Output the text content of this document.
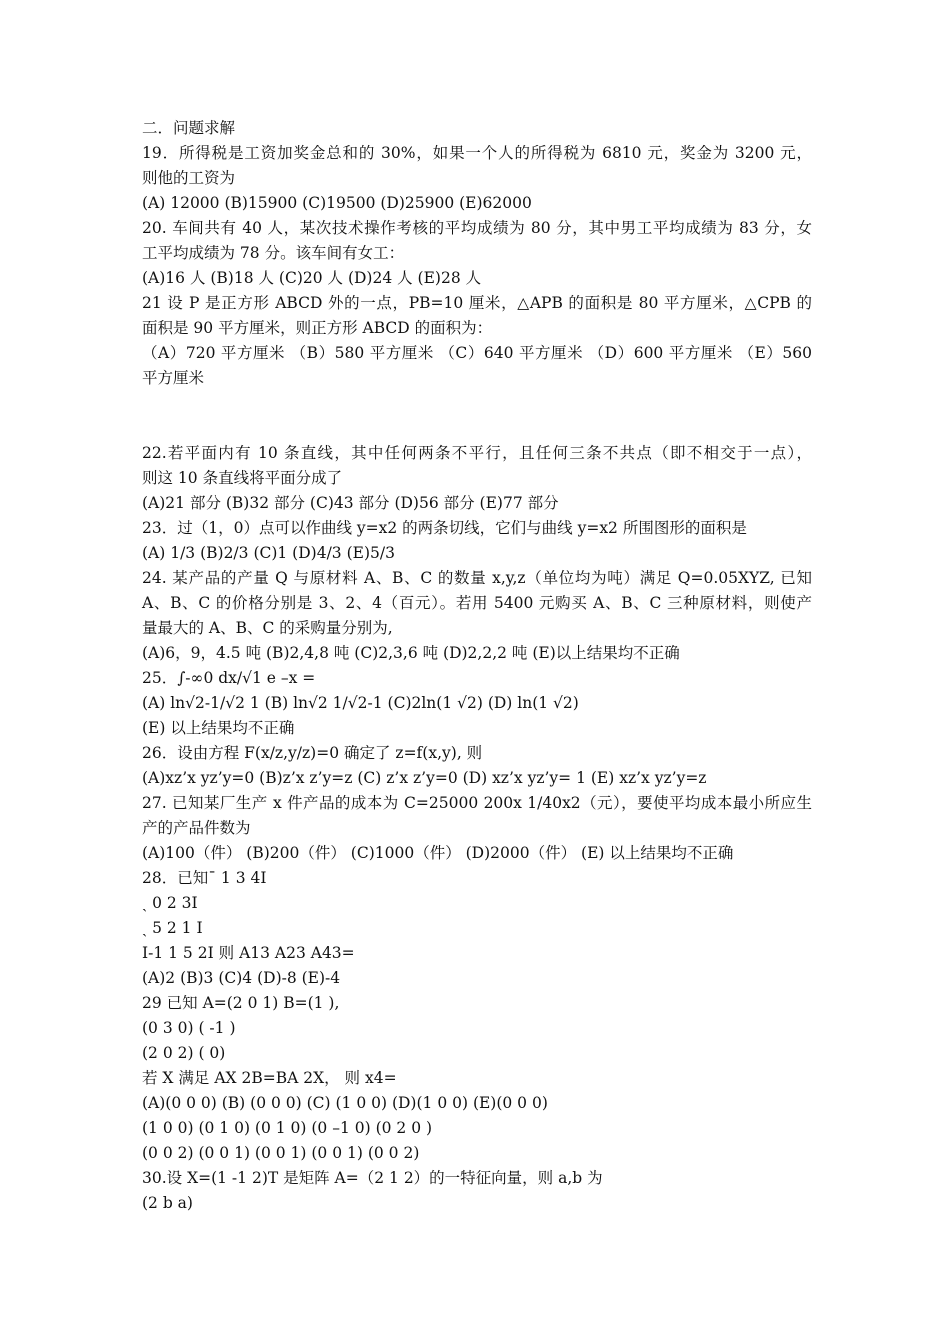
二．问题求解
19．所得税是工资加奖金总和的 30%，如果一个人的所得税为 6810 元，奖金为 3200 元，
则他的工资为
(A) 12000 (B)15900 (C)19500 (D)25900 (E)62000
20. 车间共有 40 人，某次技术操作考核的平均成绩为 80 分，其中男工平均成绩为 83 分，女
工平均成绩为 78 分。该车间有女工：
(A)16 人 (B)18 人 (C)20 人 (D)24 人 (E)28 人
21 设 P 是正方形 ABCD 外的一点，PB=10 厘米，△APB 的面积是 80 平方厘米，△CPB 的
面积是 90 平方厘米，则正方形 ABCD 的面积为：
（A）720 平方厘米 （B）580 平方厘米 （C）640 平方厘米 （D）600 平方厘米 （E）560
平方厘米
22.若平面内有 10 条直线，其中任何两条不平行，且任何三条不共点（即不相交于一点），
则这 10 条直线将平面分成了
(A)21 部分 (B)32 部分 (C)43 部分 (D)56 部分 (E)77 部分
23．过（1，0）点可以作曲线 y=x2 的两条切线，它们与曲线 y=x2 所围图形的面积是
(A) 1/3 (B)2/3 (C)1 (D)4/3 (E)5/3
24. 某产品的产量 Q 与原材料 A、B、C 的数量 x,y,z（单位均为吨）满足 Q=0.05XYZ, 已知
A、B、C 的价格分别是 3、2、4（百元）。若用 5400 元购买 A、B、C 三种原材料，则使产
量最大的 A、B、C 的采购量分别为,
(A)6，9，4.5 吨 (B)2,4,8 吨 (C)2,3,6 吨 (D)2,2,2 吨 (E)以上结果均不正确
25．∫-∞0 dx/√1 e –x =
(A) ln√2-1/√2 1 (B) ln√2 1/√2-1 (C)2ln(1 √2) (D) ln(1 √2)
(E) 以上结果均不正确
26．设由方程 F(x/z,y/z)=0 确定了 z=f(x,y), 则
(A)xz’x yz’y=0 (B)z’x z’y=z (C) z’x z’y=0 (D) xz’x yz’y= 1 (E) xz’x yz’y=z
27. 已知某厂生产 x 件产品的成本为 C=25000 200x 1/40x2（元），要使平均成本最小所应生
产的产品件数为
(A)100（件） (B)200（件） (C)1000（件） (D)2000（件） (E) 以上结果均不正确
28．已知ˉ 1 3 4I
ˎ 0 2 3I
ˎ 5 2 1 I
I-1 1 5 2I 则 A13 A23 A43=
(A)2 (B)3 (C)4 (D)-8 (E)-4
29 已知 A=(2 0 1) B=(1 ),
(0 3 0) ( -1 )
(2 0 2) ( 0)
若 X 满足 AX 2B=BA 2X， 则 x4=
(A)(0 0 0) (B) (0 0 0) (C) (1 0 0) (D)(1 0 0) (E)(0 0 0)
(1 0 0) (0 1 0) (0 1 0) (0 –1 0) (0 2 0 )
(0 0 2) (0 0 1) (0 0 1) (0 0 1) (0 0 2)
30.设 X=(1 -1 2)T 是矩阵 A=（2 1 2）的一特征向量，则 a,b 为
(2 b a)
